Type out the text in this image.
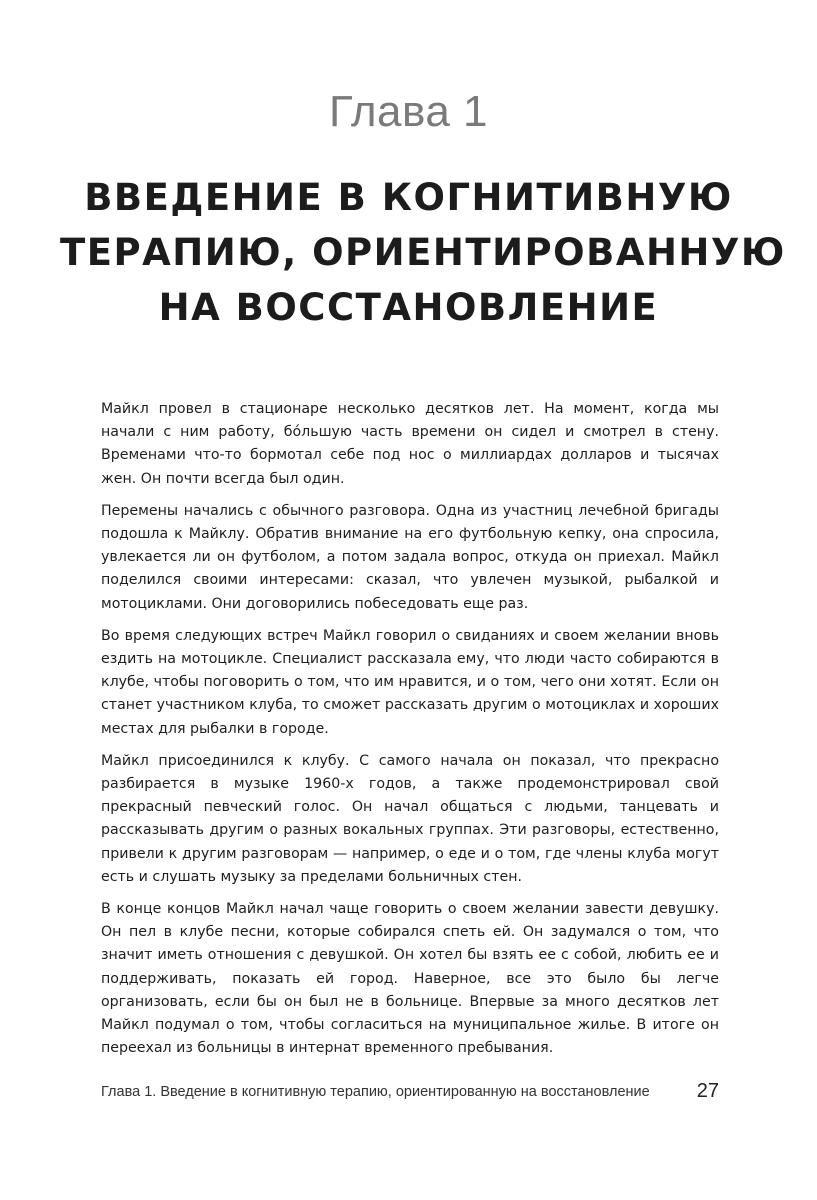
Глава 1
ВВЕДЕНИЕ В КОГНИТИВНУЮ
ТЕРАПИЮ, ОРИЕНТИРОВАННУЮ
НА ВОССТАНОВЛЕНИЕ

Майкл провел в стационаре несколько десятков лет. На момент, когда мы начали с ним работу, бóльшую часть времени он сидел и смотрел в стену. Временами что-то бормотал себе под нос о миллиардах долларов и тысячах жен. Он почти всегда был один.

Перемены начались с обычного разговора. Одна из участниц лечебной бригады подошла к Майклу. Обратив внимание на его футбольную кепку, она спросила, увлекается ли он футболом, а потом задала вопрос, откуда он приехал. Майкл поделился своими интересами: сказал, что увлечен музыкой, рыбалкой и мотоциклами. Они договорились побеседовать еще раз.

Во время следующих встреч Майкл говорил о свиданиях и своем желании вновь ездить на мотоцикле. Специалист рассказала ему, что люди часто собираются в клубе, чтобы поговорить о том, что им нравится, и о том, чего они хотят. Если он станет участником клуба, то сможет рассказать другим о мотоциклах и хороших местах для рыбалки в городе.

Майкл присоединился к клубу. С самого начала он показал, что прекрасно разбирается в музыке 1960-х годов, а также продемонстрировал свой прекрасный певческий голос. Он начал общаться с людьми, танцевать и рассказывать другим о разных вокальных группах. Эти разговоры, естественно, привели к другим разговорам — например, о еде и о том, где члены клуба могут есть и слушать музыку за пределами больничных стен.

В конце концов Майкл начал чаще говорить о своем желании завести девушку. Он пел в клубе песни, которые собирался спеть ей. Он задумался о том, что значит иметь отношения с девушкой. Он хотел бы взять ее с собой, любить ее и поддерживать, показать ей город. Наверное, все это было бы легче организовать, если бы он был не в больнице. Впервые за много десятков лет Майкл подумал о том, чтобы согласиться на муниципальное жилье. В итоге он переехал из больницы в интернат временного пребывания.

Глава 1. Введение в когнитивную терапию, ориентированную на восстановление 27
